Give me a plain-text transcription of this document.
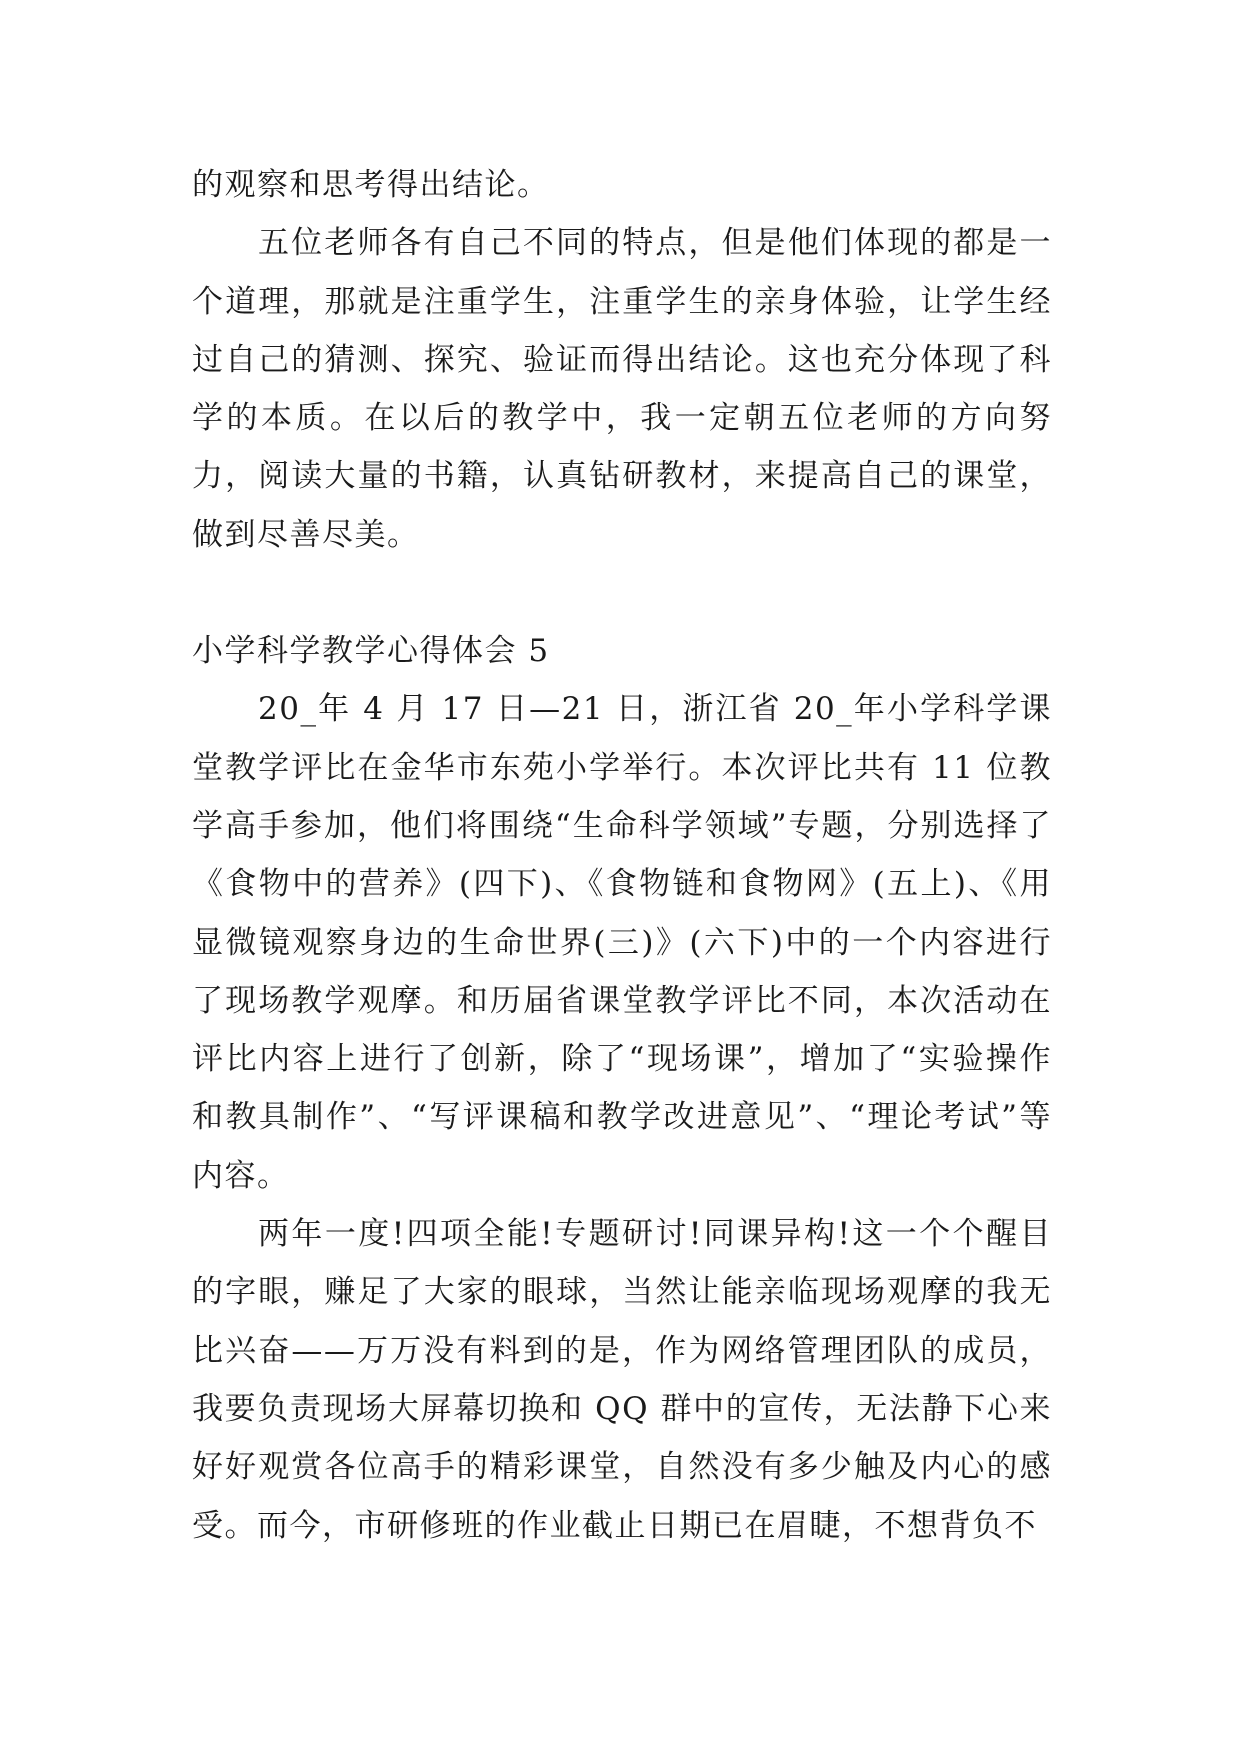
的观察和思考得出结论。

五位老师各有自己不同的特点，但是他们体现的都是一个道理，那就是注重学生，注重学生的亲身体验，让学生经过自己的猜测、探究、验证而得出结论。这也充分体现了科学的本质。在以后的教学中，我一定朝五位老师的方向努力，阅读大量的书籍，认真钻研教材，来提高自己的课堂，做到尽善尽美。

小学科学教学心得体会 5

20_年 4 月 17 日—21 日，浙江省 20_年小学科学课堂教学评比在金华市东苑小学举行。本次评比共有 11 位教学高手参加，他们将围绕“生命科学领域”专题，分别选择了《食物中的营养》(四下)、《食物链和食物网》(五上)、《用显微镜观察身边的生命世界(三)》(六下)中的一个内容进行了现场教学观摩。和历届省课堂教学评比不同，本次活动在评比内容上进行了创新，除了“现场课”，增加了“实验操作和教具制作”、“写评课稿和教学改进意见”、“理论考试”等内容。

两年一度!四项全能!专题研讨!同课异构!这一个个醒目的字眼，赚足了大家的眼球，当然让能亲临现场观摩的我无比兴奋——万万没有料到的是，作为网络管理团队的成员，我要负责现场大屏幕切换和 QQ 群中的宣传，无法静下心来好好观赏各位高手的精彩课堂，自然没有多少触及内心的感受。而今，市研修班的作业截止日期已在眉睫，不想背负不
